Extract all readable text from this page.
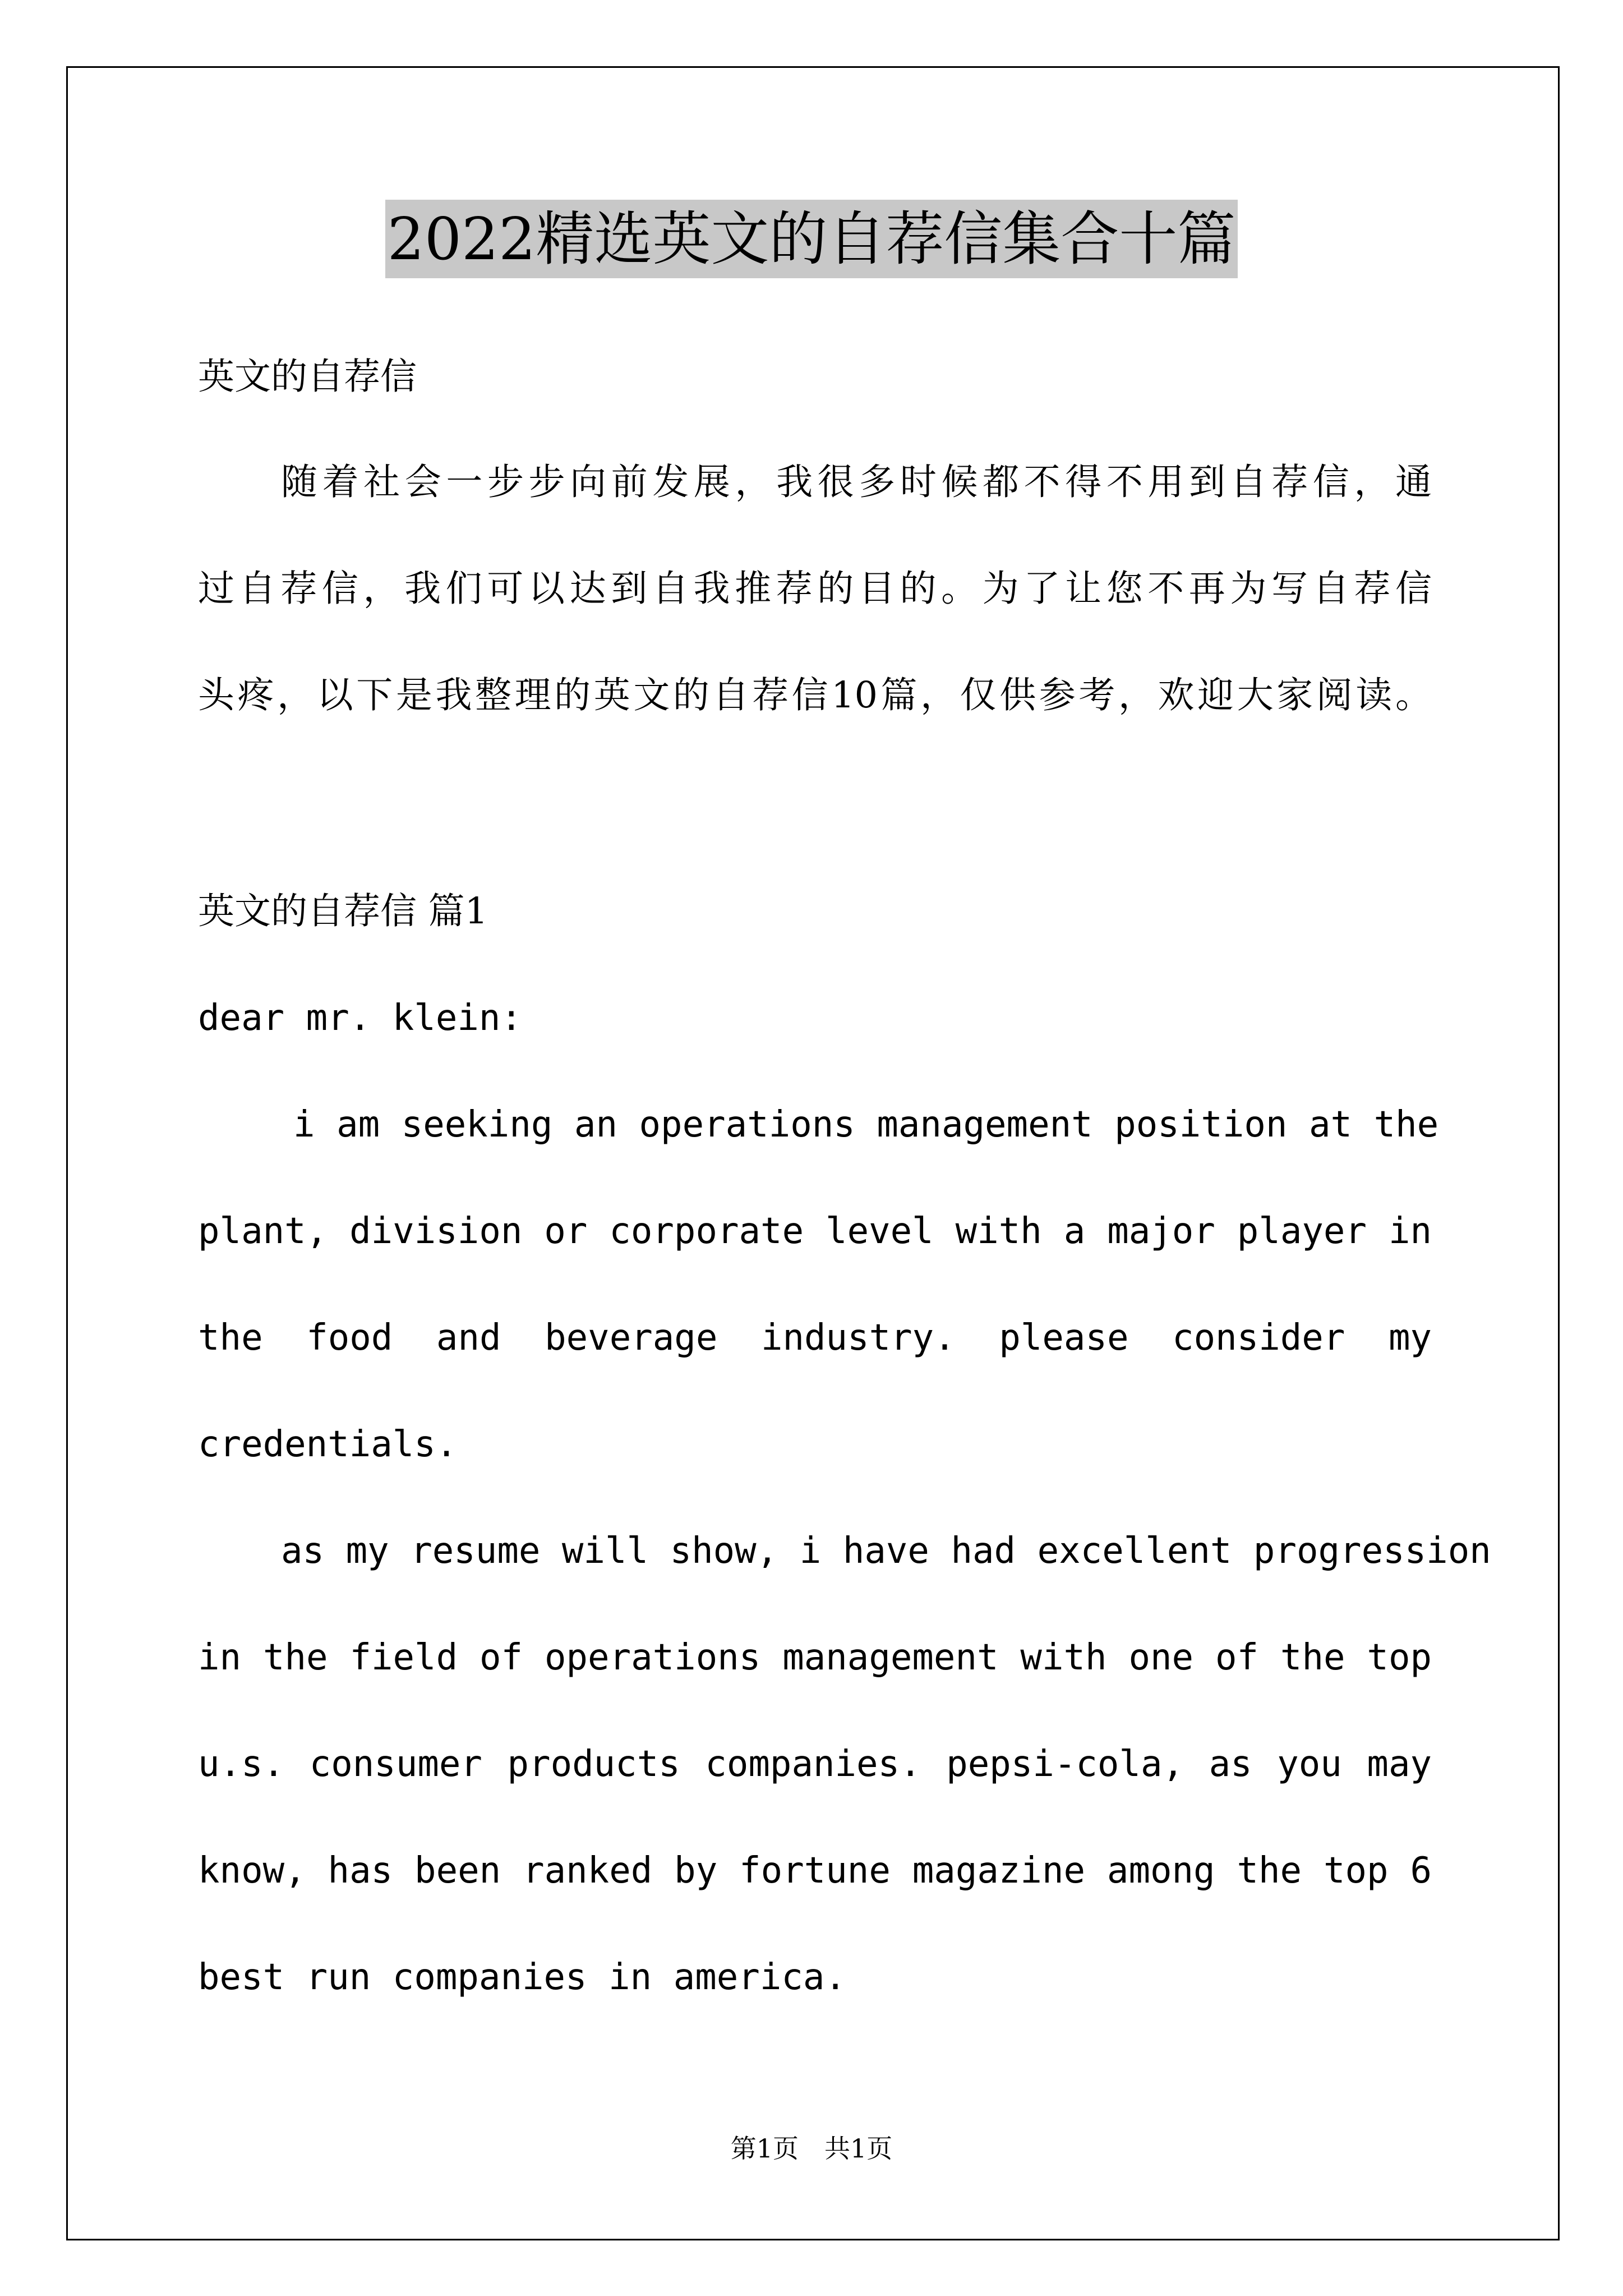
2022精选英文的自荐信集合十篇
英文的自荐信
随着社会一步步向前发展，我很多时候都不得不用到自荐信，通
过自荐信，我们可以达到自我推荐的目的。为了让您不再为写自荐信
头疼，以下是我整理的英文的自荐信10篇，仅供参考，欢迎大家阅读。
英文的自荐信 篇1
dear mr. klein:
i am seeking an operations management position at the
plant, division or corporate level with a major player in
the food and beverage industry. please consider my
credentials.
as my resume will show, i have had excellent progression
in the field of operations management with one of the top
u.s. consumer products companies. pepsi-cola, as you may
know, has been ranked by fortune magazine among the top 6
best run companies in america.
第1页　共1页
